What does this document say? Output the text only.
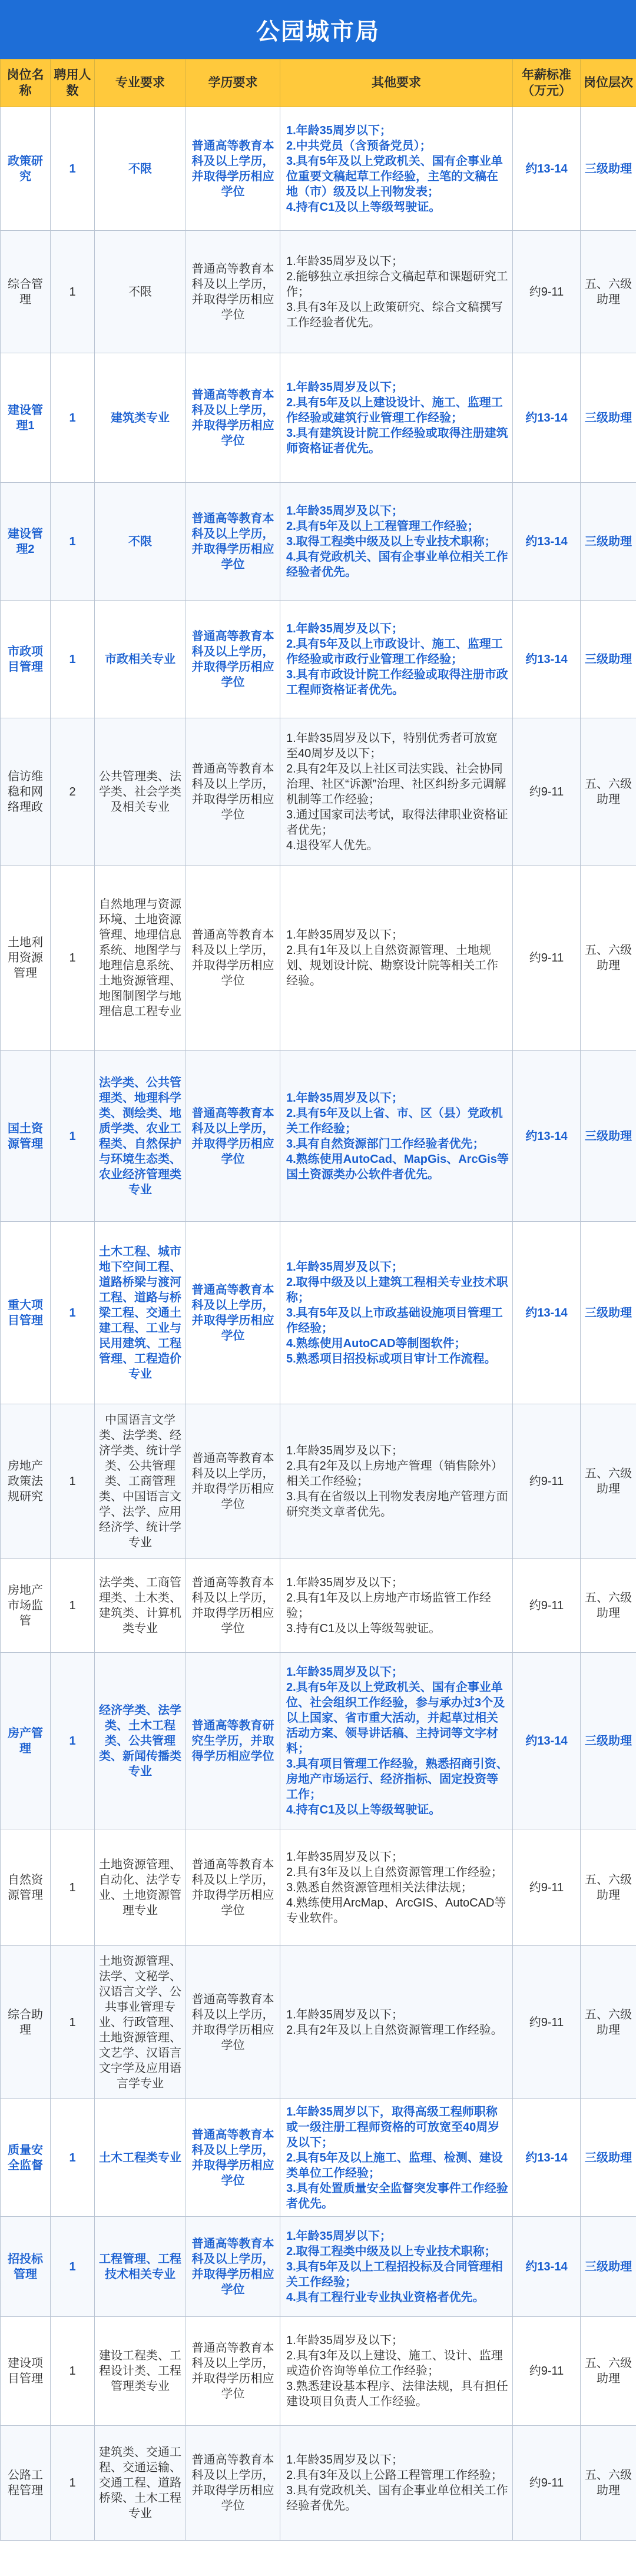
公园城市局
岗位名称	聘用人数	专业要求	学历要求	其他要求	年薪标准（万元）	岗位层次
政策研究	1	不限	普通高等教育本科及以上学历，并取得学历相应学位	1.年龄35周岁以下；
2.中共党员（含预备党员）；
3.具有5年及以上党政机关、国有企事业单位重要文稿起草工作经验，主笔的文稿在地（市）级及以上刊物发表；
4.持有C1及以上等级驾驶证。	约13-14	三级助理
综合管理	1	不限	普通高等教育本科及以上学历，并取得学历相应学位	1.年龄35周岁及以下；
2.能够独立承担综合文稿起草和课题研究工作；
3.具有3年及以上政策研究、综合文稿撰写工作经验者优先。	约9-11	五、六级助理
建设管理1	1	建筑类专业	普通高等教育本科及以上学历，并取得学历相应学位	1.年龄35周岁及以下；
2.具有5年及以上建设设计、施工、监理工作经验或建筑行业管理工作经验；
3.具有建筑设计院工作经验或取得注册建筑师资格证者优先。	约13-14	三级助理
建设管理2	1	不限	普通高等教育本科及以上学历，并取得学历相应学位	1.年龄35周岁及以下；
2.具有5年及以上工程管理工作经验；
3.取得工程类中级及以上专业技术职称；
4.具有党政机关、国有企事业单位相关工作经验者优先。	约13-14	三级助理
市政项目管理	1	市政相关专业	普通高等教育本科及以上学历，并取得学历相应学位	1.年龄35周岁及以下；
2.具有5年及以上市政设计、施工、监理工作经验或市政行业管理工作经验；
3.具有市政设计院工作经验或取得注册市政工程师资格证者优先。	约13-14	三级助理
信访维稳和网络理政	2	公共管理类、法学类、社会学类及相关专业	普通高等教育本科及以上学历，并取得学历相应学位	1.年龄35周岁及以下，特别优秀者可放宽至40周岁及以下；
2.具有2年及以上社区司法实践、社会协同治理、社区“诉源”治理、社区纠纷多元调解机制等工作经验；
3.通过国家司法考试，取得法律职业资格证者优先；
4.退役军人优先。	约9-11	五、六级助理
土地利用资源管理	1	自然地理与资源环境、土地资源管理、地理信息系统、地图学与地理信息系统、土地资源管理、地图制图学与地理信息工程专业	普通高等教育本科及以上学历，并取得学历相应学位	1.年龄35周岁及以下；
2.具有1年及以上自然资源管理、土地规划、规划设计院、勘察设计院等相关工作经验。	约9-11	五、六级助理
国土资源管理	1	法学类、公共管理类、地理科学类、测绘类、地质学类、农业工程类、自然保护与环境生态类、农业经济管理类专业	普通高等教育本科及以上学历，并取得学历相应学位	1.年龄35周岁及以下；
2.具有5年及以上省、市、区（县）党政机关工作经验；
3.具有自然资源部门工作经验者优先；
4.熟练使用AutoCad、MapGis、ArcGis等国土资源类办公软件者优先。	约13-14	三级助理
重大项目管理	1	土木工程、城市地下空间工程、道路桥梁与渡河工程、道路与桥梁工程、交通土建工程、工业与民用建筑、工程管理、工程造价专业	普通高等教育本科及以上学历，并取得学历相应学位	1.年龄35周岁及以下；
2.取得中级及以上建筑工程相关专业技术职称；
3.具有5年及以上市政基础设施项目管理工作经验；
4.熟练使用AutoCAD等制图软件；
5.熟悉项目招投标或项目审计工作流程。	约13-14	三级助理
房地产政策法规研究	1	中国语言文学类、法学类、经济学类、统计学类、公共管理类、工商管理类、中国语言文学、法学、应用经济学、统计学专业	普通高等教育本科及以上学历，并取得学历相应学位	1.年龄35周岁及以下；
2.具有2年及以上房地产管理（销售除外）相关工作经验；
3.具有在省级以上刊物发表房地产管理方面研究类文章者优先。	约9-11	五、六级助理
房地产市场监管	1	法学类、工商管理类、土木类、建筑类、计算机类专业	普通高等教育本科及以上学历，并取得学历相应学位	1.年龄35周岁及以下；
2.具有1年及以上房地产市场监管工作经验；
3.持有C1及以上等级驾驶证。	约9-11	五、六级助理
房产管理	1	经济学类、法学类、土木工程类、公共管理类、新闻传播类专业	普通高等教育研究生学历，并取得学历相应学位	1.年龄35周岁及以下；
2.具有5年及以上党政机关、国有企事业单位、社会组织工作经验，参与承办过3个及以上国家、省市重大活动，并起草过相关活动方案、领导讲话稿、主持词等文字材料；
3.具有项目管理工作经验，熟悉招商引资、房地产市场运行、经济指标、固定投资等工作；
4.持有C1及以上等级驾驶证。	约13-14	三级助理
自然资源管理	1	土地资源管理、自动化、法学专业、土地资源管理专业	普通高等教育本科及以上学历，并取得学历相应学位	1.年龄35周岁及以下；
2.具有3年及以上自然资源管理工作经验；
3.熟悉自然资源管理相关法律法规；
4.熟练使用ArcMap、ArcGIS、AutoCAD等专业软件。	约9-11	五、六级助理
综合助理	1	土地资源管理、法学、文秘学、汉语言文学、公共事业管理专业、行政管理、土地资源管理、文艺学、汉语言文字学及应用语言学专业	普通高等教育本科及以上学历，并取得学历相应学位	1.年龄35周岁及以下；
2.具有2年及以上自然资源管理工作经验。	约9-11	五、六级助理
质量安全监督	1	土木工程类专业	普通高等教育本科及以上学历，并取得学历相应学位	1.年龄35周岁以下，取得高级工程师职称或一级注册工程师资格的可放宽至40周岁及以下；
2.具有5年及以上施工、监理、检测、建设类单位工作经验；
3.具有处置质量安全监督突发事件工作经验者优先。	约13-14	三级助理
招投标管理	1	工程管理、工程技术相关专业	普通高等教育本科及以上学历，并取得学历相应学位	1.年龄35周岁以下；
2.取得工程类中级及以上专业技术职称；
3.具有5年及以上工程招投标及合同管理相关工作经验；
4.具有工程行业专业执业资格者优先。	约13-14	三级助理
建设项目管理	1	建设工程类、工程设计类、工程管理类专业	普通高等教育本科及以上学历，并取得学历相应学位	1.年龄35周岁及以下；
2.具有3年及以上建设、施工、设计、监理或造价咨询等单位工作经验；
3.熟悉建设基本程序、法律法规，具有担任建设项目负责人工作经验。	约9-11	五、六级助理
公路工程管理	1	建筑类、交通工程、交通运输、交通工程、道路桥梁、土木工程专业	普通高等教育本科及以上学历，并取得学历相应学位	1.年龄35周岁及以下；
2.具有3年及以上公路工程管理工作经验；
3.具有党政机关、国有企事业单位相关工作经验者优先。	约9-11	五、六级助理
